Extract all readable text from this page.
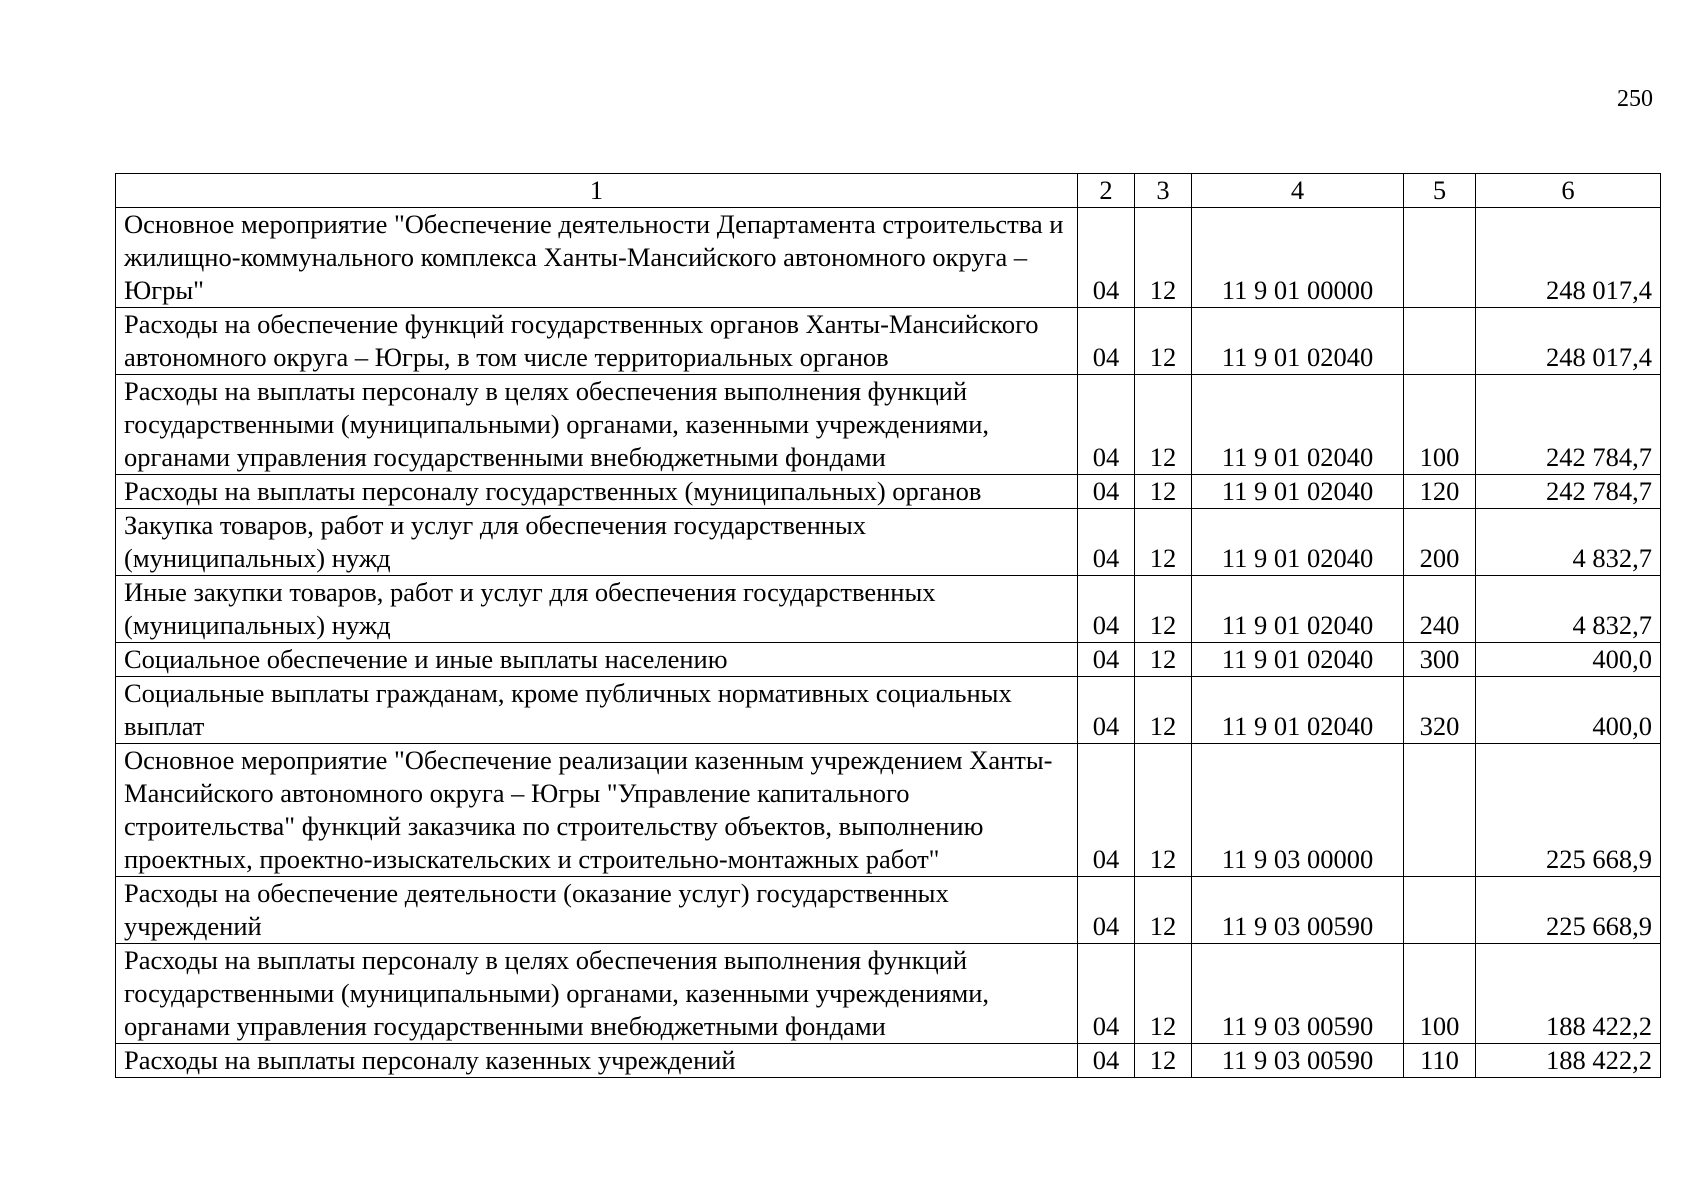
250
1	2	3	4	5	6
Основное мероприятие "Обеспечение деятельности Департамента строительства и жилищно-коммунального комплекса Ханты-Мансийского автономного округа – Югры"	04	12	11 9 01 00000		248 017,4
Расходы на обеспечение функций государственных органов Ханты-Мансийского автономного округа – Югры, в том числе территориальных органов	04	12	11 9 01 02040		248 017,4
Расходы на выплаты персоналу в целях обеспечения выполнения функций государственными (муниципальными) органами, казенными учреждениями, органами управления государственными внебюджетными фондами	04	12	11 9 01 02040	100	242 784,7
Расходы на выплаты персоналу государственных (муниципальных) органов	04	12	11 9 01 02040	120	242 784,7
Закупка товаров, работ и услуг для обеспечения государственных (муниципальных) нужд	04	12	11 9 01 02040	200	4 832,7
Иные закупки товаров, работ и услуг для обеспечения государственных (муниципальных) нужд	04	12	11 9 01 02040	240	4 832,7
Социальное обеспечение и иные выплаты населению	04	12	11 9 01 02040	300	400,0
Социальные выплаты гражданам, кроме публичных нормативных социальных выплат	04	12	11 9 01 02040	320	400,0
Основное мероприятие "Обеспечение реализации казенным учреждением Ханты-Мансийского автономного округа – Югры "Управление капитального строительства" функций заказчика по строительству объектов, выполнению проектных, проектно-изыскательских и строительно-монтажных работ"	04	12	11 9 03 00000		225 668,9
Расходы на обеспечение деятельности (оказание услуг) государственных учреждений	04	12	11 9 03 00590		225 668,9
Расходы на выплаты персоналу в целях обеспечения выполнения функций государственными (муниципальными) органами, казенными учреждениями, органами управления государственными внебюджетными фондами	04	12	11 9 03 00590	100	188 422,2
Расходы на выплаты персоналу казенных учреждений	04	12	11 9 03 00590	110	188 422,2
